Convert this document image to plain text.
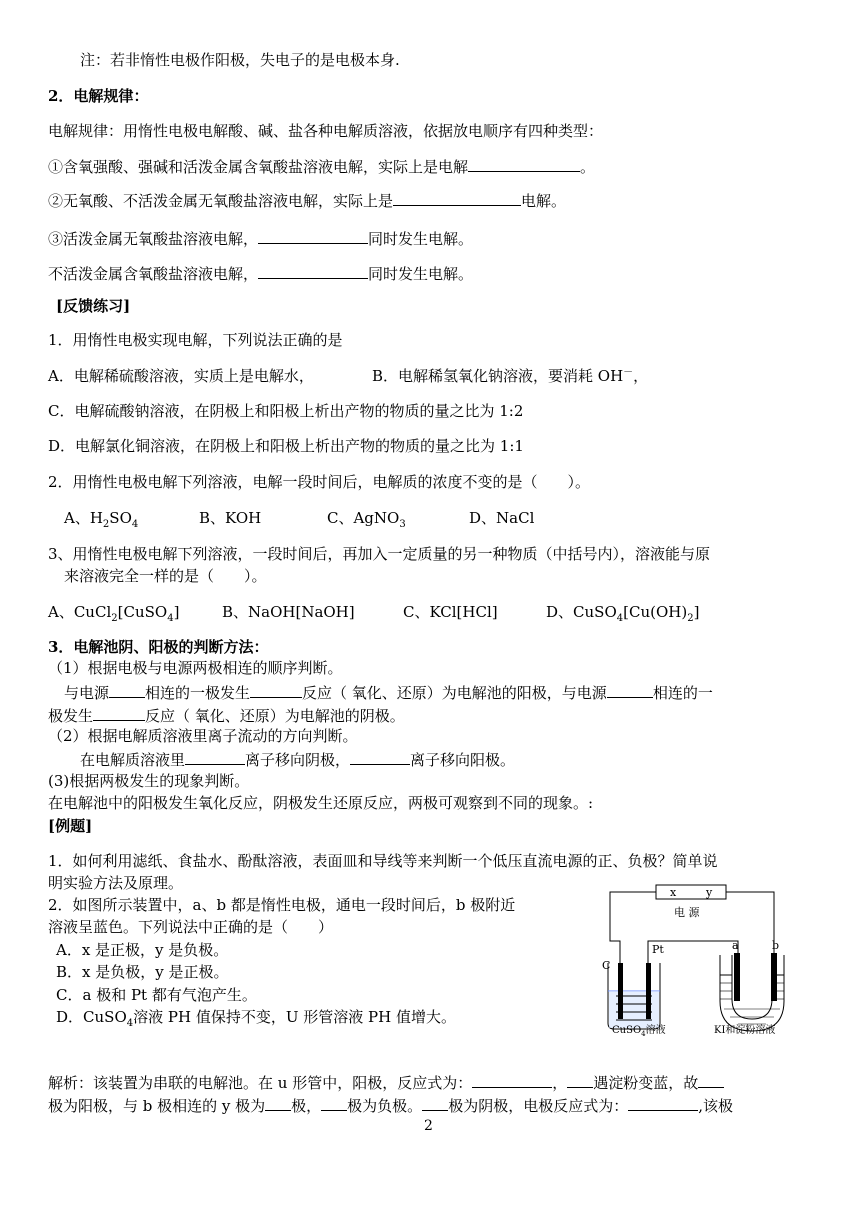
注：若非惰性电极作阳极，失电子的是电极本身.
2．电解规律：
电解规律：用惰性电极电解酸、碱、盐各种电解质溶液，依据放电顺序有四种类型：
①含氧强酸、强碱和活泼金属含氧酸盐溶液电解，实际上是电解	。
②无氧酸、不活泼金属无氧酸盐溶液电解，实际上是	电解。
③活泼金属无氧酸盐溶液电解，	同时发生电解。
不活泼金属含氧酸盐溶液电解，	同时发生电解。
[反馈练习]
1．用惰性电极实现电解，下列说法正确的是
A．电解稀硫酸溶液，实质上是电解水，	B．电解稀氢氧化钠溶液，要消耗 OH－，
C．电解硫酸钠溶液，在阴极上和阳极上析出产物的物质的量之比为 1:2
D．电解氯化铜溶液，在阴极上和阳极上析出产物的物质的量之比为 1:1
2．用惰性电极电解下列溶液，电解一段时间后，电解质的浓度不变的是（　　）。
A、$H_2SO_4$	B、KOH	C、AgNO$_3$	D、NaCl
3、用惰性电极电解下列溶液，一段时间后，再加入一定质量的另一种物质（中括号内），溶液能与原
来溶液完全一样的是（　　）。
A、CuCl$_2$[CuSO$_4$]	B、NaOH[NaOH]	C、KCl[HCl]	D、$CuSO_4[Cu(OH)_2]$
3．电解池阴、阳极的判断方法：
（1）根据电极与电源两极相连的顺序判断。
与电源 相连的一极发生	反应（ 氧化、还原）为电解池的阳极，与电源	相连的一
极发生	反应（ 氧化、还原）为电解池的阴极。
（2）根据电解质溶液里离子流动的方向判断。
在电解质溶液里	离子移向阴极，	离子移向阳极。
(3)根据两极发生的现象判断。
在电解池中的阳极发生氧化反应，阴极发生还原反应，两极可观察到不同的现象。:
[例题]
1．如何利用滤纸、食盐水、酚酞溶液，表面皿和导线等来判断一个低压直流电源的正、负极？简单说
明实验方法及原理。
2．如图所示装置中，a、b 都是惰性电极，通电一段时间后，b 极附近
溶液呈蓝色。下列说法中正确的是（　　）
A．x 是正极，y 是负极。
B．x 是负极，y 是正极。
C．a 极和 Pt 都有气泡产生。
D．CuSO$_4$溶液 PH 值保持不变，U 形管溶液 PH 值增大。
x	y
电 源
C
Pt	a	b
CuSO$_4$溶液	KI和淀粉溶液
解析：该装置为串联的电解池。在 u 形管中，阳极，反应式为：	， 遇淀粉变蓝，故
极为阳极，与 b 极相连的 y 极为 极， 极为负极。 极为阴极，电极反应式为：	,该极
2
